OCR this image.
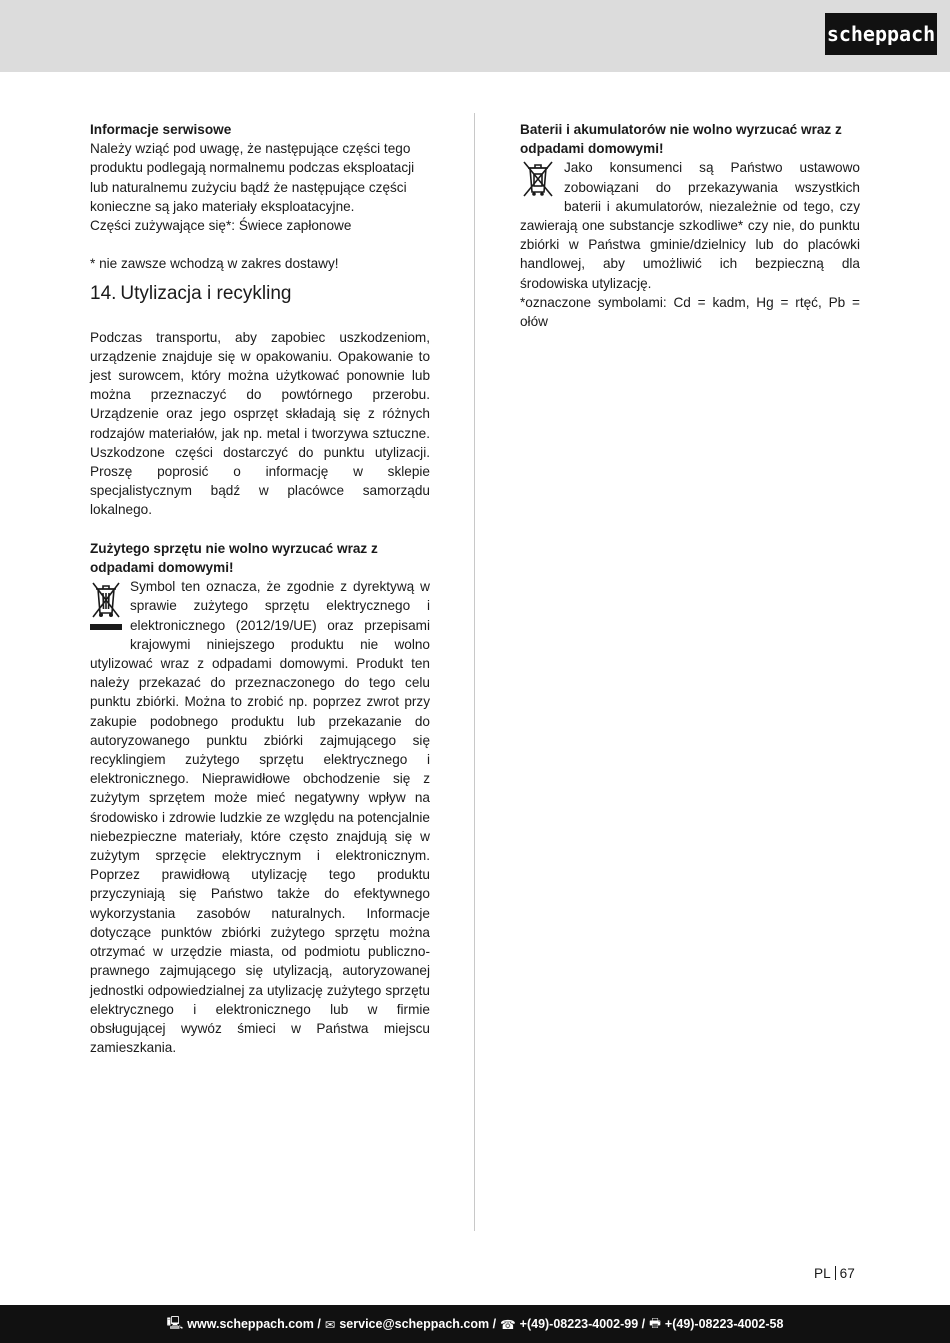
scheppach

Informacje serwisowe

Należy wziąć pod uwagę, że następujące części tego produktu podlegają normalnemu podczas eksploatacji lub naturalnemu zużyciu bądź że następujące części konieczne są jako materiały eksploatacyjne.

Części zużywające się*: Świece zapłonowe

* nie zawsze wchodzą w zakres dostawy!

14. Utylizacja i recykling

Podczas transportu, aby zapobiec uszkodzeniom, urządzenie znajduje się w opakowaniu. Opakowanie to jest surowcem, który można użytkować ponownie lub można przeznaczyć do powtórnego przerobu. Urządzenie oraz jego osprzęt składają się z różnych rodzajów materiałów, jak np. metal i tworzywa sztuczne. Uszkodzone części dostarczyć do punktu utylizacji. Proszę poprosić o informację w sklepie specjalistycznym bądź w placówce samorządu lokalnego.

Zużytego sprzętu nie wolno wyrzucać wraz z odpadami domowymi!

Symbol ten oznacza, że zgodnie z dyrektywą w sprawie zużytego sprzętu elektrycznego i elektronicznego (2012/19/UE) oraz przepisami krajowymi niniejszego produktu nie wolno utylizować wraz z odpadami domowymi. Produkt ten należy przekazać do przeznaczonego do tego celu punktu zbiórki. Można to zrobić np. poprzez zwrot przy zakupie podobnego produktu lub przekazanie do autoryzowanego punktu zbiórki zajmującego się recyklingiem zużytego sprzętu elektrycznego i elektronicznego. Nieprawidłowe obchodzenie się z zużytym sprzętem może mieć negatywny wpływ na środowisko i zdrowie ludzkie ze względu na potencjalnie niebezpieczne materiały, które często znajdują się w zużytym sprzęcie elektrycznym i elektronicznym. Poprzez prawidłową utylizację tego produktu przyczyniają się Państwo także do efektywnego wykorzystania zasobów naturalnych. Informacje dotyczące punktów zbiórki zużytego sprzętu można otrzymać w urzędzie miasta, od podmiotu publiczno-prawnego zajmującego się utylizacją, autoryzowanej jednostki odpowiedzialnej za utylizację zużytego sprzętu elektrycznego i elektronicznego lub w firmie obsługującej wywóz śmieci w Państwa miejscu zamieszkania.

Baterii i akumulatorów nie wolno wyrzucać wraz z odpadami domowymi!

Jako konsumenci są Państwo ustawowo zobowiązani do przekazywania wszystkich baterii i akumulatorów, niezależnie od tego, czy zawierają one substancje szkodliwe* czy nie, do punktu zbiórki w Państwa gminie/dzielnicy lub do placówki handlowej, aby umożliwić ich bezpieczną dla środowiska utylizację.

*oznaczone symbolami: Cd = kadm, Hg = rtęć, Pb = ołów

PL 67
🖳 www.scheppach.com / ✉ service@scheppach.com / ☎ +(49)-08223-4002-99 / 🖶 +(49)-08223-4002-58
